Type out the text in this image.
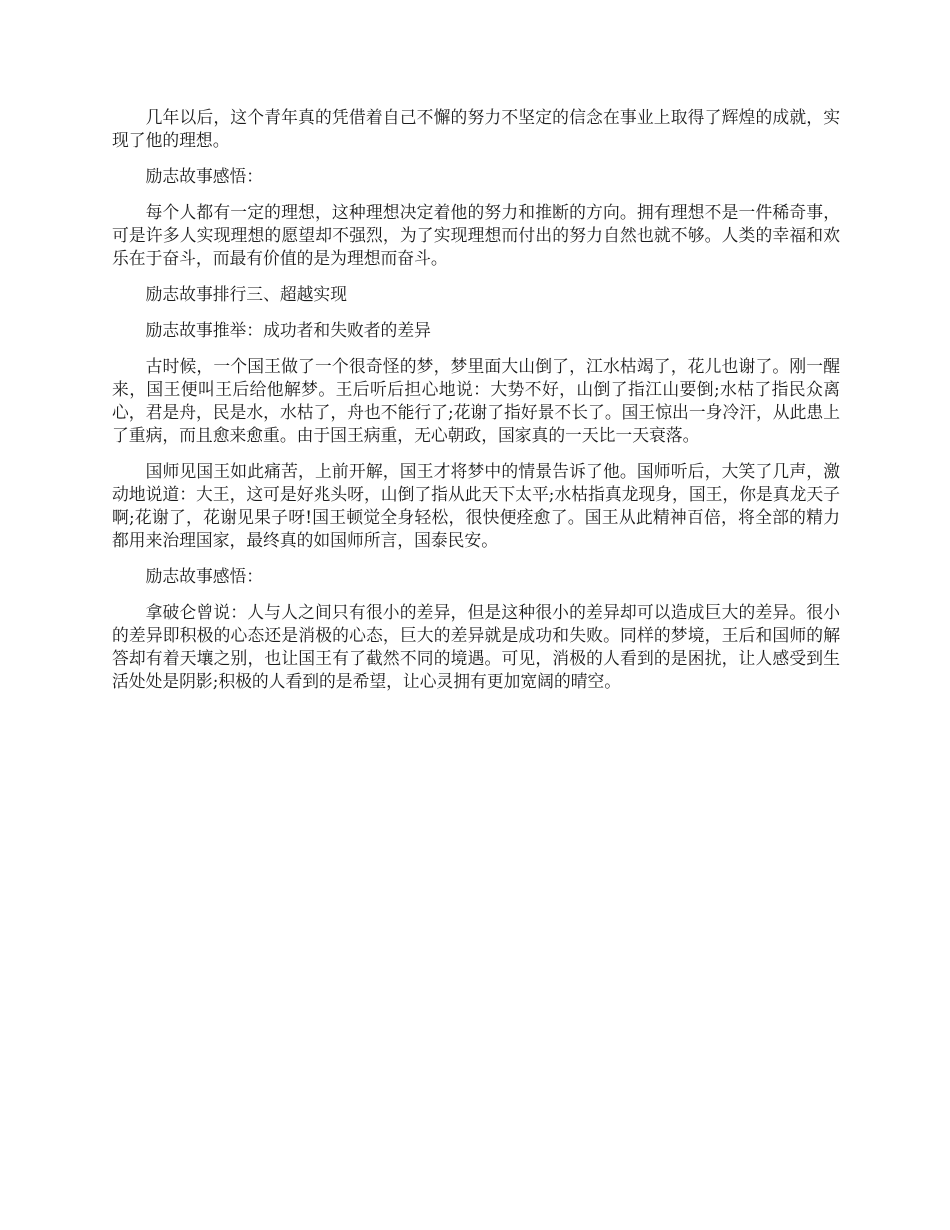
几年以后，这个青年真的凭借着自己不懈的努力不坚定的信念在事业上取得了辉煌的成就，实现了他的理想。

励志故事感悟：

每个人都有一定的理想，这种理想决定着他的努力和推断的方向。拥有理想不是一件稀奇事，可是许多人实现理想的愿望却不强烈，为了实现理想而付出的努力自然也就不够。人类的幸福和欢乐在于奋斗，而最有价值的是为理想而奋斗。

励志故事排行三、超越实现

励志故事推举：成功者和失败者的差异

古时候，一个国王做了一个很奇怪的梦，梦里面大山倒了，江水枯竭了，花儿也谢了。刚一醒来，国王便叫王后给他解梦。王后听后担心地说：大势不好，山倒了指江山要倒;水枯了指民众离心，君是舟，民是水，水枯了，舟也不能行了;花谢了指好景不长了。国王惊出一身冷汗，从此患上了重病，而且愈来愈重。由于国王病重，无心朝政，国家真的一天比一天衰落。

国师见国王如此痛苦，上前开解，国王才将梦中的情景告诉了他。国师听后，大笑了几声，激动地说道：大王，这可是好兆头呀，山倒了指从此天下太平;水枯指真龙现身，国王，你是真龙天子啊;花谢了，花谢见果子呀!国王顿觉全身轻松，很快便痊愈了。国王从此精神百倍，将全部的精力都用来治理国家，最终真的如国师所言，国泰民安。

励志故事感悟：

拿破仑曾说：人与人之间只有很小的差异，但是这种很小的差异却可以造成巨大的差异。很小的差异即积极的心态还是消极的心态，巨大的差异就是成功和失败。同样的梦境，王后和国师的解答却有着天壤之别，也让国王有了截然不同的境遇。可见，消极的人看到的是困扰，让人感受到生活处处是阴影;积极的人看到的是希望，让心灵拥有更加宽阔的晴空。
